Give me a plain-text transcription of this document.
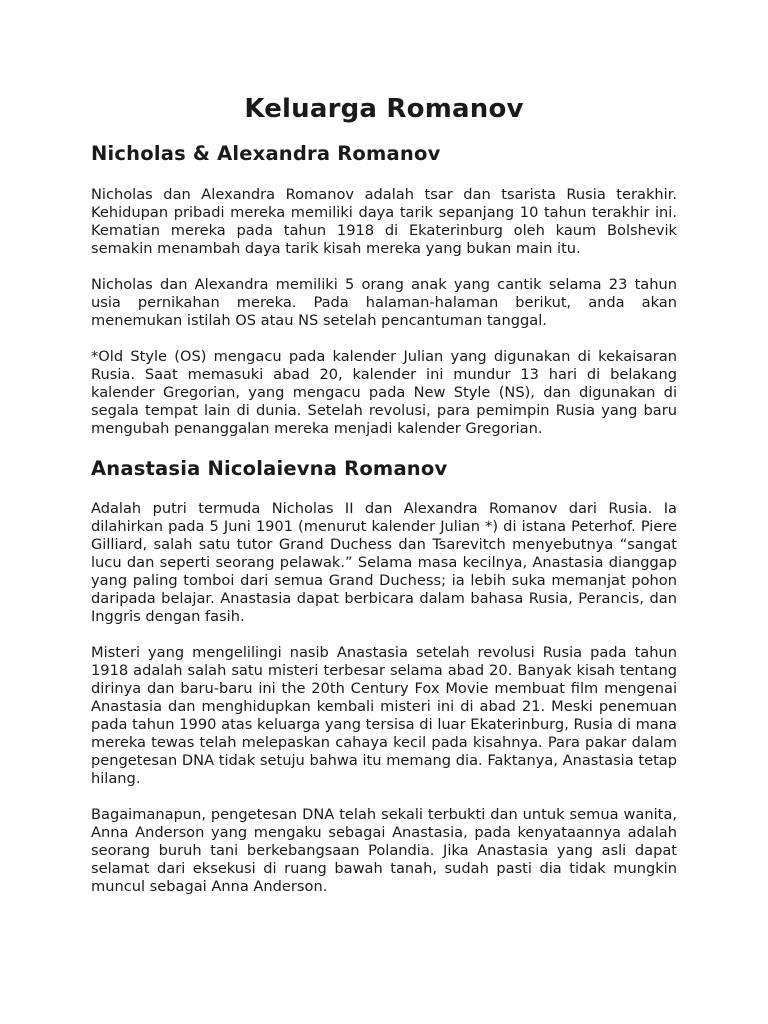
Keluarga Romanov
Nicholas & Alexandra Romanov

Nicholas dan Alexandra Romanov adalah tsar dan tsarista Rusia terakhir. Kehidupan pribadi mereka memiliki daya tarik sepanjang 10 tahun terakhir ini. Kematian mereka pada tahun 1918 di Ekaterinburg oleh kaum Bolshevik semakin menambah daya tarik kisah mereka yang bukan main itu.

Nicholas dan Alexandra memiliki 5 orang anak yang cantik selama 23 tahun usia pernikahan mereka. Pada halaman-halaman berikut, anda akan menemukan istilah OS atau NS setelah pencantuman tanggal.

*Old Style (OS) mengacu pada kalender Julian yang digunakan di kekaisaran Rusia. Saat memasuki abad 20, kalender ini mundur 13 hari di belakang kalender Gregorian, yang mengacu pada New Style (NS), dan digunakan di segala tempat lain di dunia. Setelah revolusi, para pemimpin Rusia yang baru mengubah penanggalan mereka menjadi kalender Gregorian.

Anastasia Nicolaievna Romanov

Adalah putri termuda Nicholas II dan Alexandra Romanov dari Rusia. Ia dilahirkan pada 5 Juni 1901 (menurut kalender Julian *) di istana Peterhof. Piere Gilliard, salah satu tutor Grand Duchess dan Tsarevitch menyebutnya “sangat lucu dan seperti seorang pelawak.” Selama masa kecilnya, Anastasia dianggap yang paling tomboi dari semua Grand Duchess; ia lebih suka memanjat pohon daripada belajar. Anastasia dapat berbicara dalam bahasa Rusia, Perancis, dan Inggris dengan fasih.

Misteri yang mengelilingi nasib Anastasia setelah revolusi Rusia pada tahun 1918 adalah salah satu misteri terbesar selama abad 20. Banyak kisah tentang dirinya dan baru-baru ini the 20th Century Fox Movie membuat film mengenai Anastasia dan menghidupkan kembali misteri ini di abad 21. Meski penemuan pada tahun 1990 atas keluarga yang tersisa di luar Ekaterinburg, Rusia di mana mereka tewas telah melepaskan cahaya kecil pada kisahnya. Para pakar dalam pengetesan DNA tidak setuju bahwa itu memang dia. Faktanya, Anastasia tetap hilang.

Bagaimanapun, pengetesan DNA telah sekali terbukti dan untuk semua wanita, Anna Anderson yang mengaku sebagai Anastasia, pada kenyataannya adalah seorang buruh tani berkebangsaan Polandia. Jika Anastasia yang asli dapat selamat dari eksekusi di ruang bawah tanah, sudah pasti dia tidak mungkin muncul sebagai Anna Anderson.
